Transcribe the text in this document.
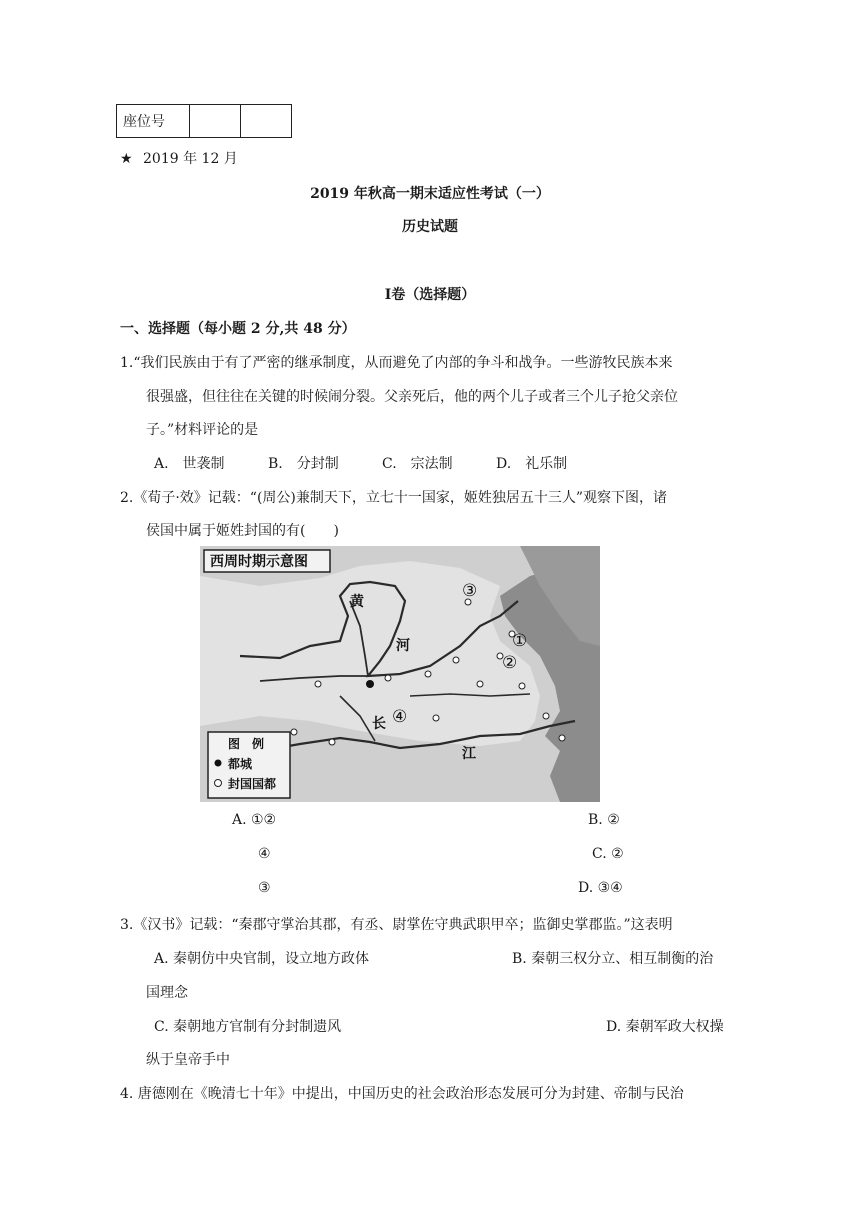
座位号		
★ 2019 年 12 月
2019 年秋高一期末适应性考试（一）
历史试题
Ⅰ卷（选择题）
一、选择题（每小题 2 分,共 48 分）
1.“我们民族由于有了严密的继承制度，从而避免了内部的争斗和战争。一些游牧民族本来
很强盛，但往往在关键的时候闹分裂。父亲死后，他的两个儿子或者三个儿子抢父亲位
子。”材料评论的是
A.　世袭制	B.　分封制	C.　宗法制	D.　礼乐制
2.《荀子·效》记载：“(周公)兼制天下，立七十一国家，姬姓独居五十三人”观察下图，诸
侯国中属于姬姓封国的有(　　)
西周时期示意图
黄
河
长
江
①
②
③
④
图　例
都城
封国国都
A. ①②	B. ②
④	C. ②
③	D. ③④
3.《汉书》记载：“秦郡守掌治其郡，有丞、尉掌佐守典武职甲卒；监御史掌郡监。”这表明
A. 秦朝仿中央官制，设立地方政体	B. 秦朝三权分立、相互制衡的治
国理念
C. 秦朝地方官制有分封制遗风	D. 秦朝军政大权操
纵于皇帝手中
4. 唐德刚在《晚清七十年》中提出，中国历史的社会政治形态发展可分为封建、帝制与民治
